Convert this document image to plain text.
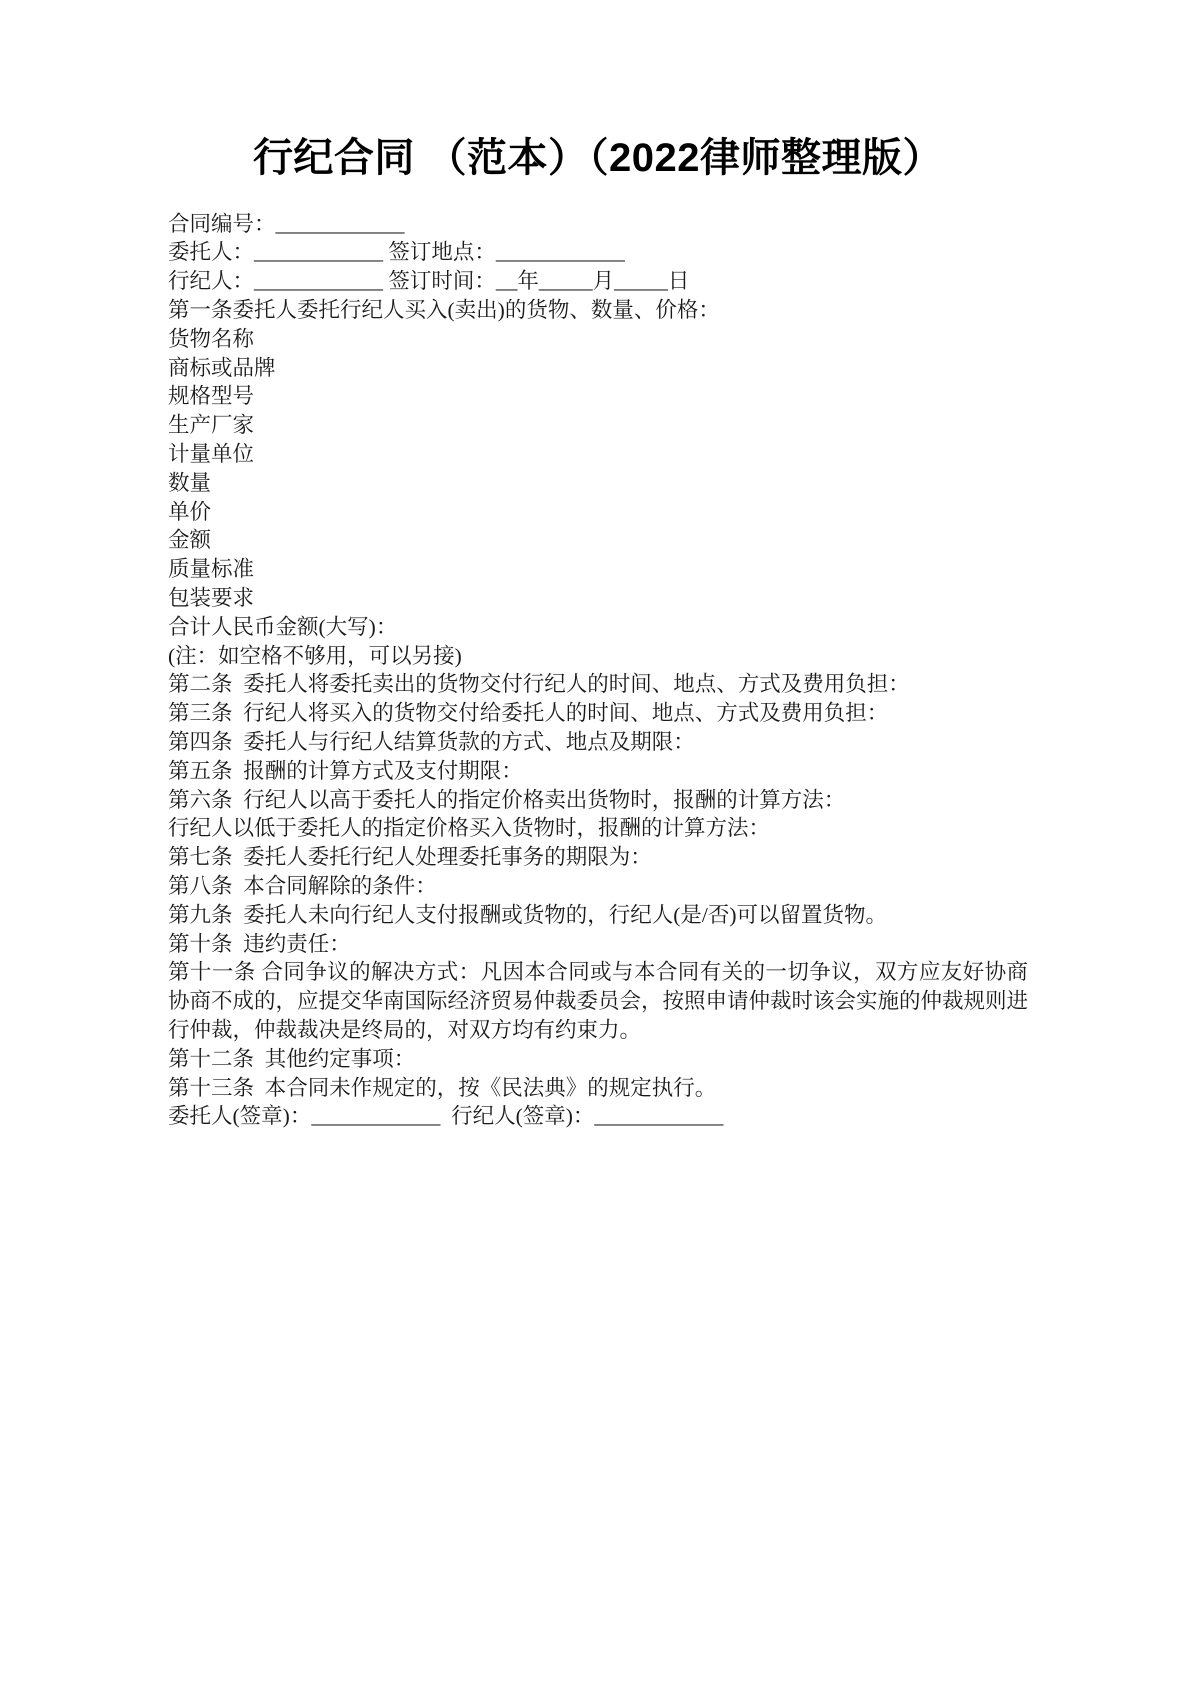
行纪合同 （范本）（2022律师整理版）

合同编号：____________

委托人：____________ 签订地点：____________

行纪人：____________ 签订时间：__年_____月_____日

第一条委托人委托行纪人买入(卖出)的货物、数量、价格：

货物名称

商标或品牌

规格型号

生产厂家

计量单位

数量

单价

金额

质量标准

包装要求

合计人民币金额(大写)：

(注：如空格不够用，可以另接)

第二条  委托人将委托卖出的货物交付行纪人的时间、地点、方式及费用负担：

第三条  行纪人将买入的货物交付给委托人的时间、地点、方式及费用负担：

第四条  委托人与行纪人结算货款的方式、地点及期限：

第五条  报酬的计算方式及支付期限：

第六条  行纪人以高于委托人的指定价格卖出货物时，报酬的计算方法：

行纪人以低于委托人的指定价格买入货物时，报酬的计算方法：

第七条  委托人委托行纪人处理委托事务的期限为：

第八条  本合同解除的条件：

第九条  委托人未向行纪人支付报酬或货物的，行纪人(是/否)可以留置货物。

第十条  违约责任：

第十一条 合同争议的解决方式：凡因本合同或与本合同有关的一切争议，双方应友好协商协商不成的，应提交华南国际经济贸易仲裁委员会，按照申请仲裁时该会实施的仲裁规则进行仲裁，仲裁裁决是终局的，对双方均有约束力。

第十二条  其他约定事项：

第十三条  本合同未作规定的，按《民法典》的规定执行。

委托人(签章)：____________  行纪人(签章)：____________
